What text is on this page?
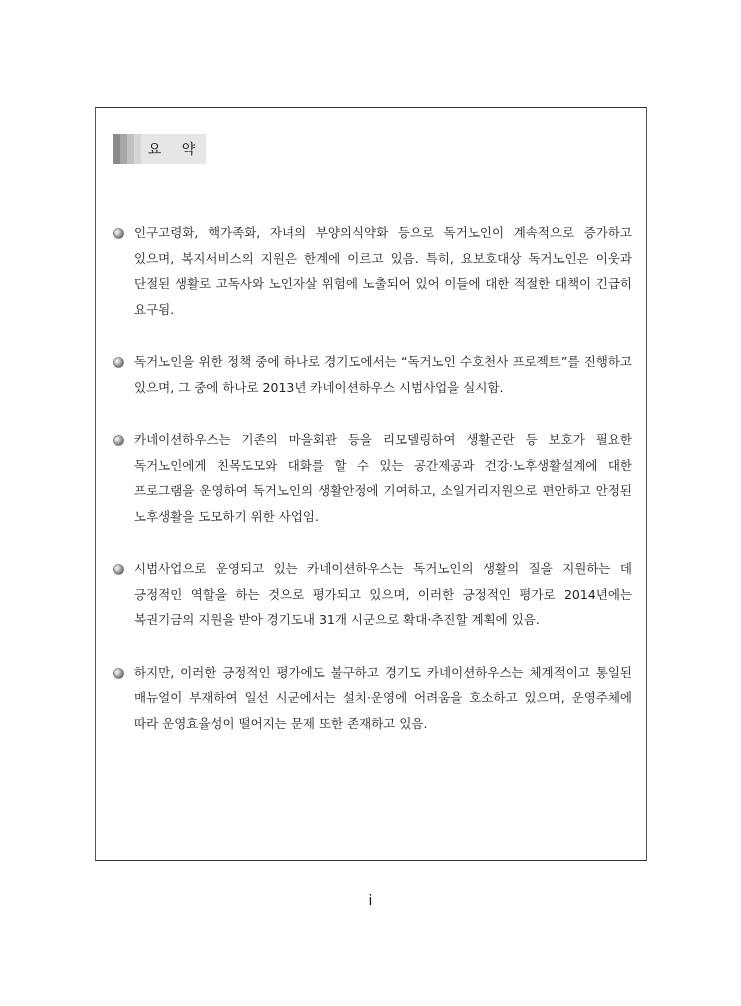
요 약
인구고령화, 핵가족화, 자녀의 부양의식약화 등으로 독거노인이 계속적으로 증가하고 있으며, 복지서비스의 지원은 한계에 이르고 있음. 특히, 요보호대상 독거노인은 이웃과 단절된 생활로 고독사와 노인자살 위험에 노출되어 있어 이들에 대한 적절한 대책이 긴급히 요구됨.
독거노인을 위한 정책 중에 하나로 경기도에서는 “독거노인 수호천사 프로젝트”를 진행하고 있으며, 그 중에 하나로 2013년 카네이션하우스 시범사업을 실시함.
카네이션하우스는 기존의 마을회관 등을 리모델링하여 생활곤란 등 보호가 필요한 독거노인에게 친목도모와 대화를 할 수 있는 공간제공과 건강·노후생활설계에 대한 프로그램을 운영하여 독거노인의 생활안정에 기여하고, 소일거리지원으로 편안하고 안정된 노후생활을 도모하기 위한 사업임.
시범사업으로 운영되고 있는 카네이션하우스는 독거노인의 생활의 질을 지원하는 데 긍정적인 역할을 하는 것으로 평가되고 있으며, 이러한 긍정적인 평가로 2014년에는 복권기금의 지원을 받아 경기도내 31개 시군으로 확대·추진할 계획에 있음.
하지만, 이러한 긍정적인 평가에도 불구하고 경기도 카네이션하우스는 체계적이고 통일된 매뉴얼이 부재하여 일선 시군에서는 설치·운영에 어려움을 호소하고 있으며, 운영주체에 따라 운영효율성이 떨어지는 문제 또한 존재하고 있음.
i
